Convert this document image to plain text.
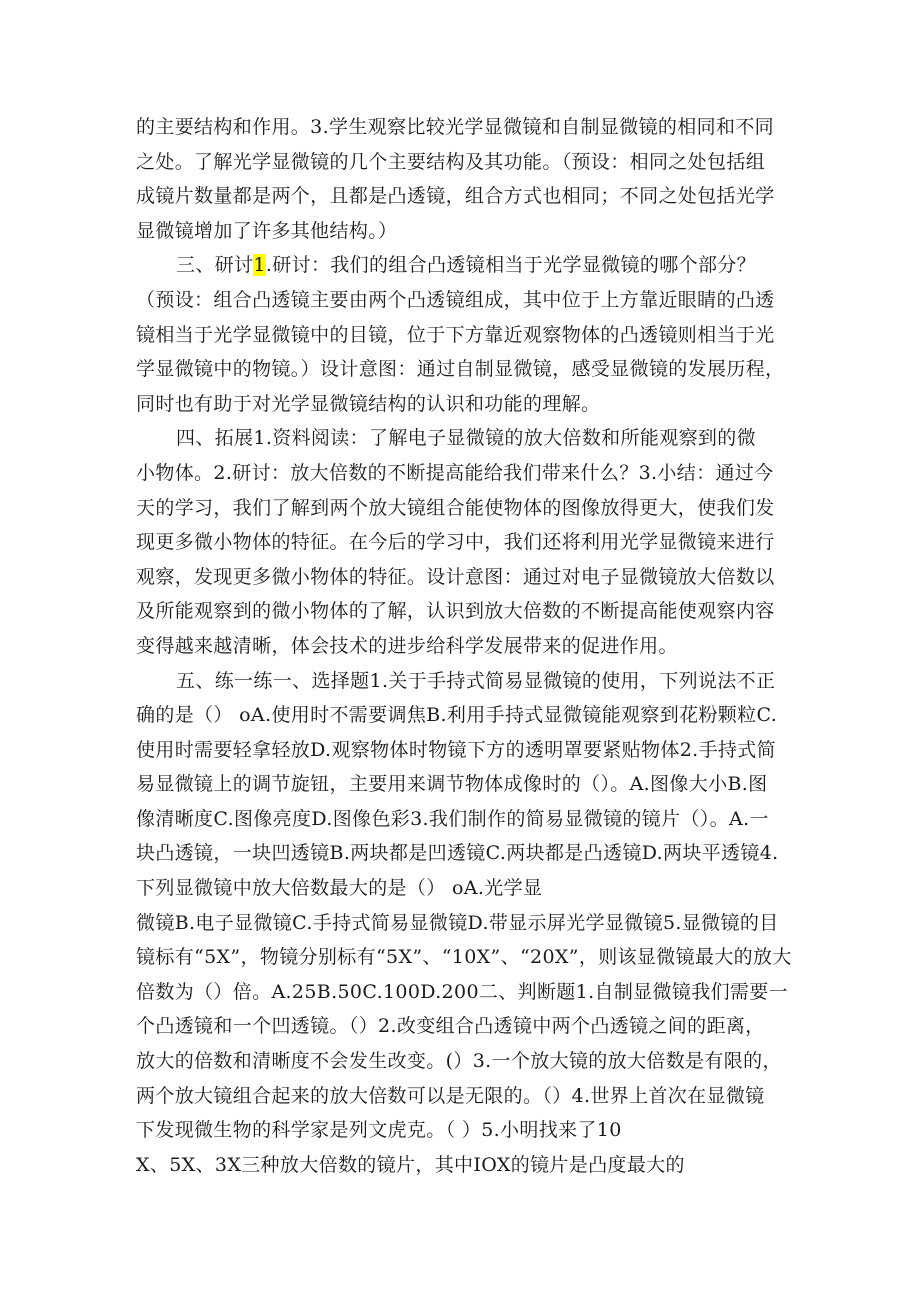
的主要结构和作用。3.学生观察比较光学显微镜和自制显微镜的相同和不同
之处。了解光学显微镜的几个主要结构及其功能。（预设：相同之处包括组
成镜片数量都是两个，且都是凸透镜，组合方式也相同；不同之处包括光学
显微镜增加了许多其他结构。）
三、研讨1.研讨：我们的组合凸透镜相当于光学显微镜的哪个部分？
（预设：组合凸透镜主要由两个凸透镜组成，其中位于上方靠近眼睛的凸透
镜相当于光学显微镜中的目镜，位于下方靠近观察物体的凸透镜则相当于光
学显微镜中的物镜。）设计意图：通过自制显微镜，感受显微镜的发展历程，
同时也有助于对光学显微镜结构的认识和功能的理解。
四、拓展1.资料阅读：了解电子显微镜的放大倍数和所能观察到的微
小物体。2.研讨：放大倍数的不断提高能给我们带来什么？3.小结：通过今
天的学习，我们了解到两个放大镜组合能使物体的图像放得更大，使我们发
现更多微小物体的特征。在今后的学习中，我们还将利用光学显微镜来进行
观察，发现更多微小物体的特征。设计意图：通过对电子显微镜放大倍数以
及所能观察到的微小物体的了解，认识到放大倍数的不断提高能使观察内容
变得越来越清晰，体会技术的进步给科学发展带来的促进作用。
五、练一练一、选择题1.关于手持式简易显微镜的使用，下列说法不正
确的是（） oA.使用时不需要调焦B.利用手持式显微镜能观察到花粉颗粒C.
使用时需要轻拿轻放D.观察物体时物镜下方的透明罩要紧贴物体2.手持式简
易显微镜上的调节旋钮，主要用来调节物体成像时的（）。A.图像大小B.图
像清晰度C.图像亮度D.图像色彩3.我们制作的简易显微镜的镜片（）。A.一
块凸透镜，一块凹透镜B.两块都是凹透镜C.两块都是凸透镜D.两块平透镜4.
下列显微镜中放大倍数最大的是（） oA.光学显
微镜B.电子显微镜C.手持式简易显微镜D.带显示屏光学显微镜5.显微镜的目
镜标有“5X”，物镜分别标有“5X”、“10X”、“20X”，则该显微镜最大的放大
倍数为（）倍。A.25B.50C.100D.200二、判断题1.自制显微镜我们需要一
个凸透镜和一个凹透镜。（）2.改变组合凸透镜中两个凸透镜之间的距离，
放大的倍数和清晰度不会发生改变。(）3.一个放大镜的放大倍数是有限的，
两个放大镜组合起来的放大倍数可以是无限的。（）4.世界上首次在显微镜
下发现微生物的科学家是列文虎克。（ ）5.小明找来了10
X、5X、3X三种放大倍数的镜片，其中IOX的镜片是凸度最大的
